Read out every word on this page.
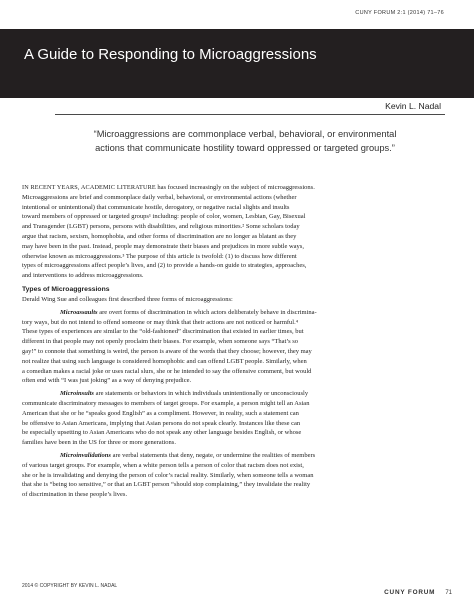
CUNY FORUM 2:1 (2014) 71–76
A Guide to Responding to Microaggressions
Kevin L. Nadal
“Microaggressions are commonplace verbal, behavioral, or environmental
actions that communicate hostility toward oppressed or targeted groups.”

IN RECENT YEARS, ACADEMIC LITERATURE has focused increasingly on the subject of microaggressions.
Microaggressions are brief and commonplace daily verbal, behavioral, or environmental actions (whether
intentional or unintentional) that communicate hostile, derogatory, or negative racial slights and insults
toward members of oppressed or targeted groups¹ including: people of color, women, Lesbian, Gay, Bisexual
and Transgender (LGBT) persons, persons with disabilities, and religious minorities.² Some scholars today
argue that racism, sexism, homophobia, and other forms of discrimination are no longer as blatant as they
may have been in the past. Instead, people may demonstrate their biases and prejudices in more subtle ways,
otherwise known as microaggressions.³ The purpose of this article is twofold: (1) to discuss how different
types of microaggressions affect people’s lives, and (2) to provide a hands-on guide to strategies, approaches,
and interventions to address microaggressions.

Types of Microaggressions

Derald Wing Sue and colleagues first described three forms of microaggressions:

Microassaults are overt forms of discrimination in which actors deliberately behave in discrimina-
tory ways, but do not intend to offend someone or may think that their actions are not noticed or harmful.⁴
These types of experiences are similar to the “old-fashioned” discrimination that existed in earlier times, but
different in that people may not openly proclaim their biases. For example, when someone says “That’s so
gay!” to connote that something is weird, the person is aware of the words that they choose; however, they may
not realize that using such language is considered homophobic and can offend LGBT people. Similarly, when
a comedian makes a racial joke or uses racial slurs, she or he intended to say the offensive comment, but would
often end with “I was just joking” as a way of denying prejudice.

Microinsults are statements or behaviors in which individuals unintentionally or unconsciously
communicate discriminatory messages to members of target groups. For example, a person might tell an Asian
American that she or he “speaks good English” as a compliment. However, in reality, such a statement can
be offensive to Asian Americans, implying that Asian persons do not speak clearly. Instances like these can
be especially upsetting to Asian Americans who do not speak any other language besides English, or whose
families have been in the US for three or more generations.

Microinvalidations are verbal statements that deny, negate, or undermine the realities of members
of various target groups. For example, when a white person tells a person of color that racism does not exist,
she or he is invalidating and denying the person of color’s racial reality. Similarly, when someone tells a woman
that she is “being too sensitive,” or that an LGBT person “should stop complaining,” they invalidate the reality
of discrimination in these people’s lives.

2014 © COPYRIGHT BY KEVIN L. NADAL
CUNY FORUM 71
